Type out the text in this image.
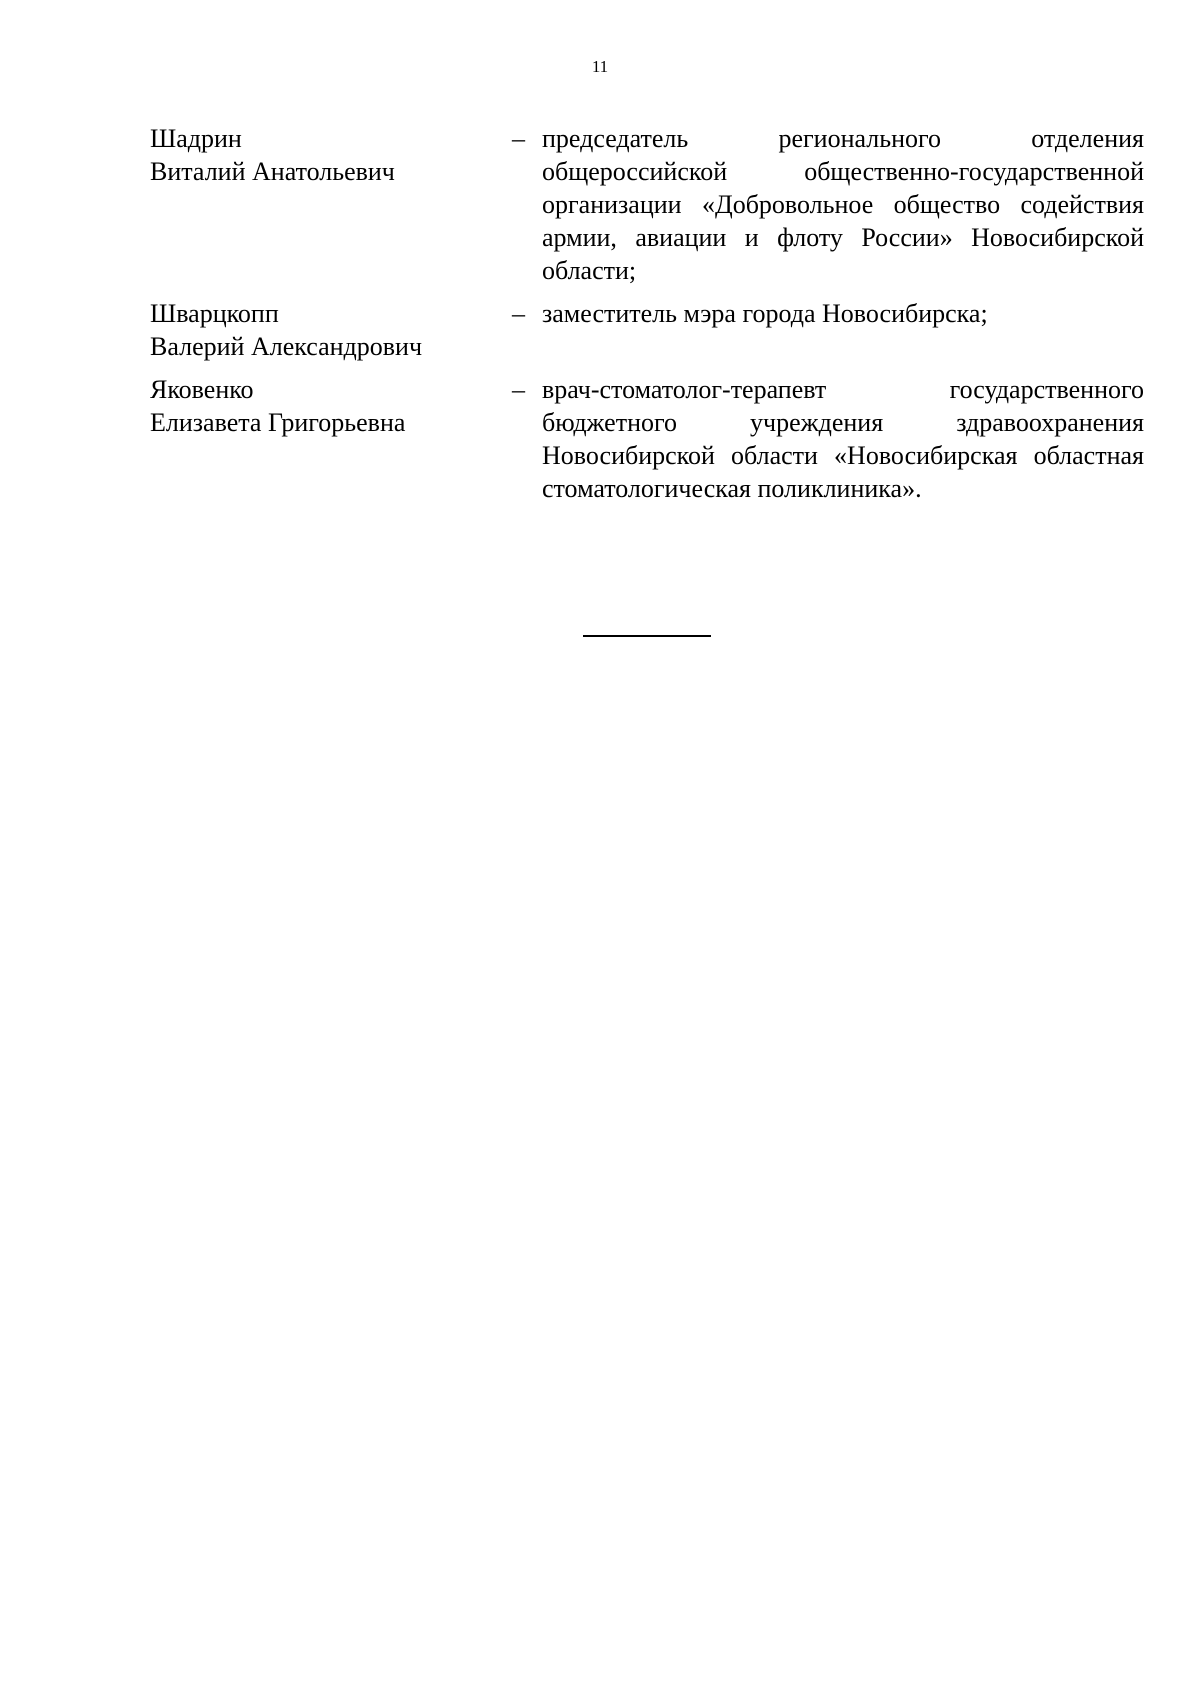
11
Шадрин
Виталий Анатольевич
– председатель регионального отделения общероссийской общественно-государственной организации «Добровольное общество содействия армии, авиации и флоту России» Новосибирской области;
Шварцкопп
Валерий Александрович
– заместитель мэра города Новосибирска;
Яковенко
Елизавета Григорьевна
– врач-стоматолог-терапевт государственного бюджетного учреждения здравоохранения Новосибирской области «Новосибирская областная стоматологическая поликлиника».
